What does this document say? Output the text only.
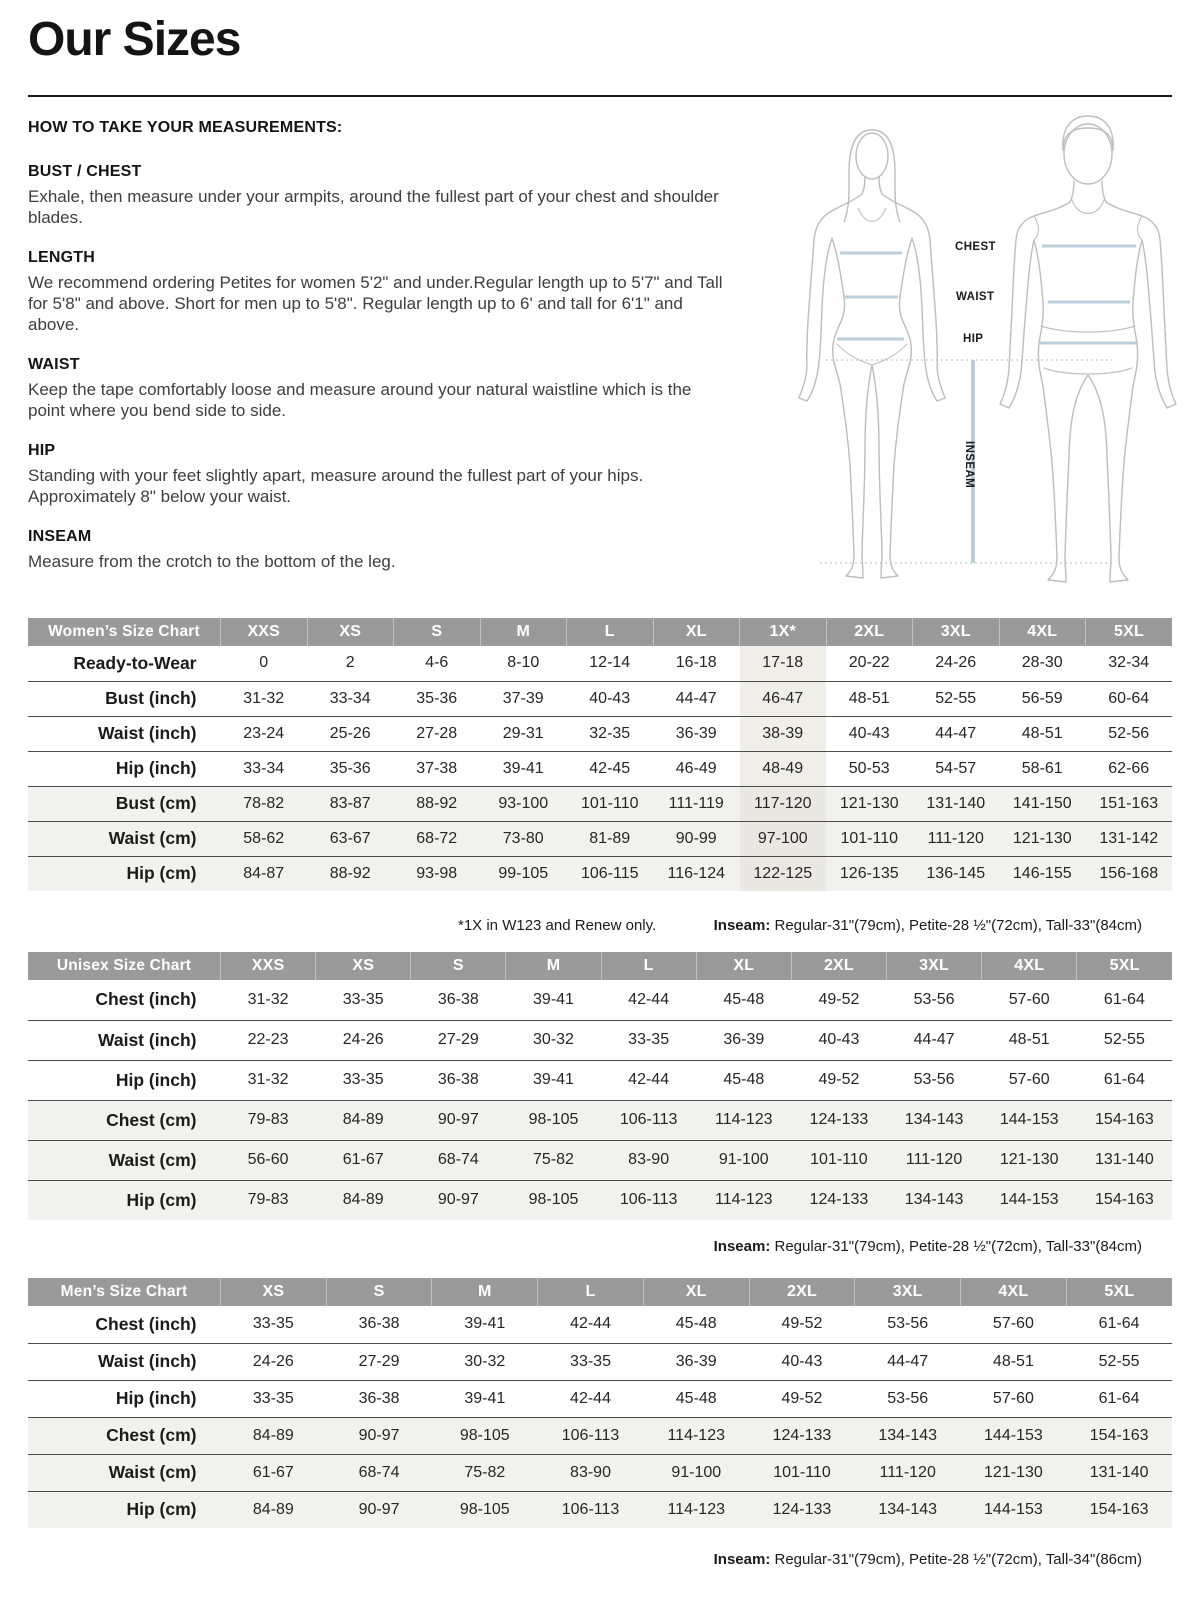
Our Sizes

HOW TO TAKE YOUR MEASUREMENTS:

BUST / CHEST

Exhale, then measure under your armpits, around the fullest part of your chest and shoulder blades.

LENGTH

We recommend ordering Petites for women 5'2" and under.Regular length up to 5'7" and Tall for 5'8" and above. Short for men up to 5'8". Regular length up to 6' and tall for 6'1" and above.

WAIST

Keep the tape comfortably loose and measure around your natural waistline which is the point where you bend side to side.

HIP

Standing with your feet slightly apart, measure around the fullest part of your hips. Approximately 8" below your waist.

INSEAM

Measure from the crotch to the bottom of the leg.

CHEST
WAIST
HIP
INSEAM
Women’s Size Chart	XXS	XS	S	M	L	XL	1X*	2XL	3XL	4XL	5XL
Ready-to-Wear	0	2	4-6	8-10	12-14	16-18	17-18	20-22	24-26	28-30	32-34
Bust (inch)	31-32	33-34	35-36	37-39	40-43	44-47	46-47	48-51	52-55	56-59	60-64
Waist (inch)	23-24	25-26	27-28	29-31	32-35	36-39	38-39	40-43	44-47	48-51	52-56
Hip (inch)	33-34	35-36	37-38	39-41	42-45	46-49	48-49	50-53	54-57	58-61	62-66
Bust (cm)	78-82	83-87	88-92	93-100	101-110	111-119	117-120	121-130	131-140	141-150	151-163
Waist (cm)	58-62	63-67	68-72	73-80	81-89	90-99	97-100	101-110	111-120	121-130	131-142
Hip (cm)	84-87	88-92	93-98	99-105	106-115	116-124	122-125	126-135	136-145	146-155	156-168
*1X in W123 and Renew only.	Inseam: Regular-31"(79cm), Petite-28 ½"(72cm), Tall-33"(84cm)
Unisex Size Chart	XXS	XS	S	M	L	XL	2XL	3XL	4XL	5XL
Chest (inch)	31-32	33-35	36-38	39-41	42-44	45-48	49-52	53-56	57-60	61-64
Waist (inch)	22-23	24-26	27-29	30-32	33-35	36-39	40-43	44-47	48-51	52-55
Hip (inch)	31-32	33-35	36-38	39-41	42-44	45-48	49-52	53-56	57-60	61-64
Chest (cm)	79-83	84-89	90-97	98-105	106-113	114-123	124-133	134-143	144-153	154-163
Waist (cm)	56-60	61-67	68-74	75-82	83-90	91-100	101-110	111-120	121-130	131-140
Hip (cm)	79-83	84-89	90-97	98-105	106-113	114-123	124-133	134-143	144-153	154-163
Inseam: Regular-31"(79cm), Petite-28 ½"(72cm), Tall-33"(84cm)
Men’s Size Chart	XS	S	M	L	XL	2XL	3XL	4XL	5XL
Chest (inch)	33-35	36-38	39-41	42-44	45-48	49-52	53-56	57-60	61-64
Waist (inch)	24-26	27-29	30-32	33-35	36-39	40-43	44-47	48-51	52-55
Hip (inch)	33-35	36-38	39-41	42-44	45-48	49-52	53-56	57-60	61-64
Chest (cm)	84-89	90-97	98-105	106-113	114-123	124-133	134-143	144-153	154-163
Waist (cm)	61-67	68-74	75-82	83-90	91-100	101-110	111-120	121-130	131-140
Hip (cm)	84-89	90-97	98-105	106-113	114-123	124-133	134-143	144-153	154-163
Inseam: Regular-31"(79cm), Petite-28 ½"(72cm), Tall-34"(86cm)
